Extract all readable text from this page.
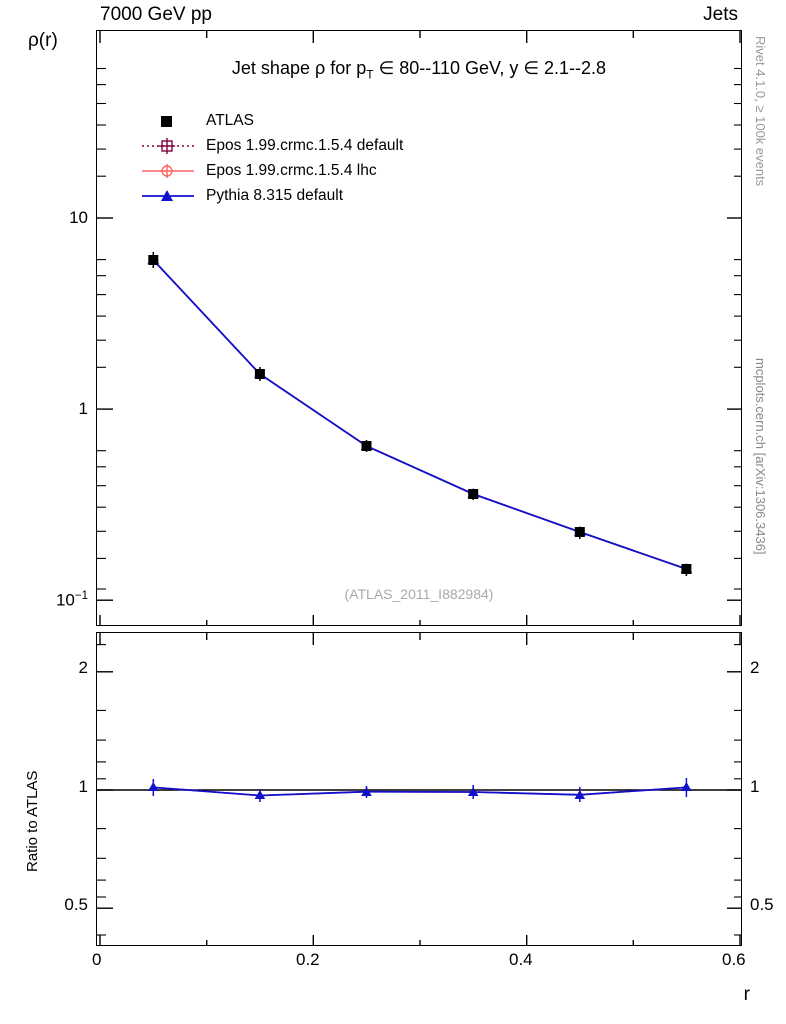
7000 GeV pp	Jets
Rivet 4.1.0, ≥ 100k events
mcplots.cern.ch [arXiv:1306.3436]
ρ(r)
Jet shape ρ for $p_T$ ∈ 80--110 GeV, y ∈ 2.1--2.8
(ATLAS_2011_I882984)
ATLAS
Epos 1.99.crmc.1.5.4 default
Epos 1.99.crmc.1.5.4 lhc
Pythia 8.315 default
10
1
$10^{-1}$
2
1
0.5
2
1
0.5
Ratio to ATLAS
0	0.2	0.4	0.6
r
